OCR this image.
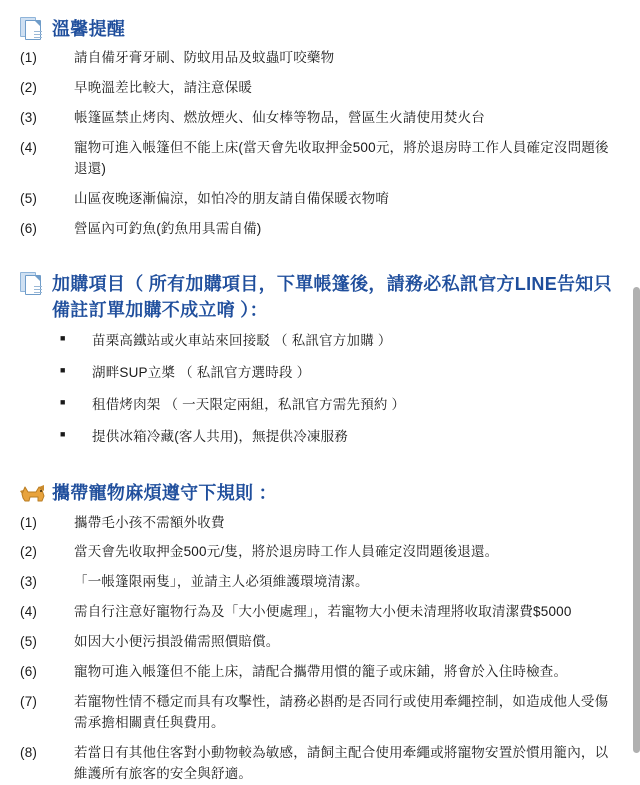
溫馨提醒
(1)	請自備牙膏牙刷、防蚊用品及蚊蟲叮咬藥物
(2)	早晚溫差比較大，請注意保暖
(3)	帳篷區禁止烤肉、燃放煙火、仙女棒等物品，營區生火請使用焚火台
(4)	寵物可進入帳篷但不能上床(當天會先收取押金500元，將於退房時工作人員確定沒問題後退還)
(5)	山區夜晚逐漸偏涼，如怕冷的朋友請自備保暖衣物唷
(6)	營區內可釣魚(釣魚用具需自備)
加購項目（ 所有加購項目，下單帳篷後，請務必私訊官方LINE告知只備註訂單加購不成立唷 ）：
■ 苗栗高鐵站或火車站來回接駁 （ 私訊官方加購 ）
■ 湖畔SUP立槳 （ 私訊官方選時段 ）
■ 租借烤肉架 （ 一天限定兩組，私訊官方需先預約 ）
■ 提供冰箱冷藏(客人共用)，無提供冷凍服務
攜帶寵物麻煩遵守下規則 ：
(1)	攜帶毛小孩不需額外收費
(2)	當天會先收取押金500元/隻，將於退房時工作人員確定沒問題後退還。
(3)	「一帳篷限兩隻」，並請主人必須維護環境清潔。
(4)	需自行注意好寵物行為及「大小便處理」，若寵物大小便未清理將收取清潔費$5000
(5)	如因大小便污損設備需照價賠償。
(6)	寵物可進入帳篷但不能上床，請配合攜帶用慣的籠子或床鋪，將會於入住時檢查。
(7)	若寵物性情不穩定而具有攻擊性，請務必斟酌是否同行或使用牽繩控制，如造成他人受傷需承擔相關責任與費用。
(8)	若當日有其他住客對小動物較為敏感，請飼主配合使用牽繩或將寵物安置於慣用籠內，以維護所有旅客的安全與舒適。
